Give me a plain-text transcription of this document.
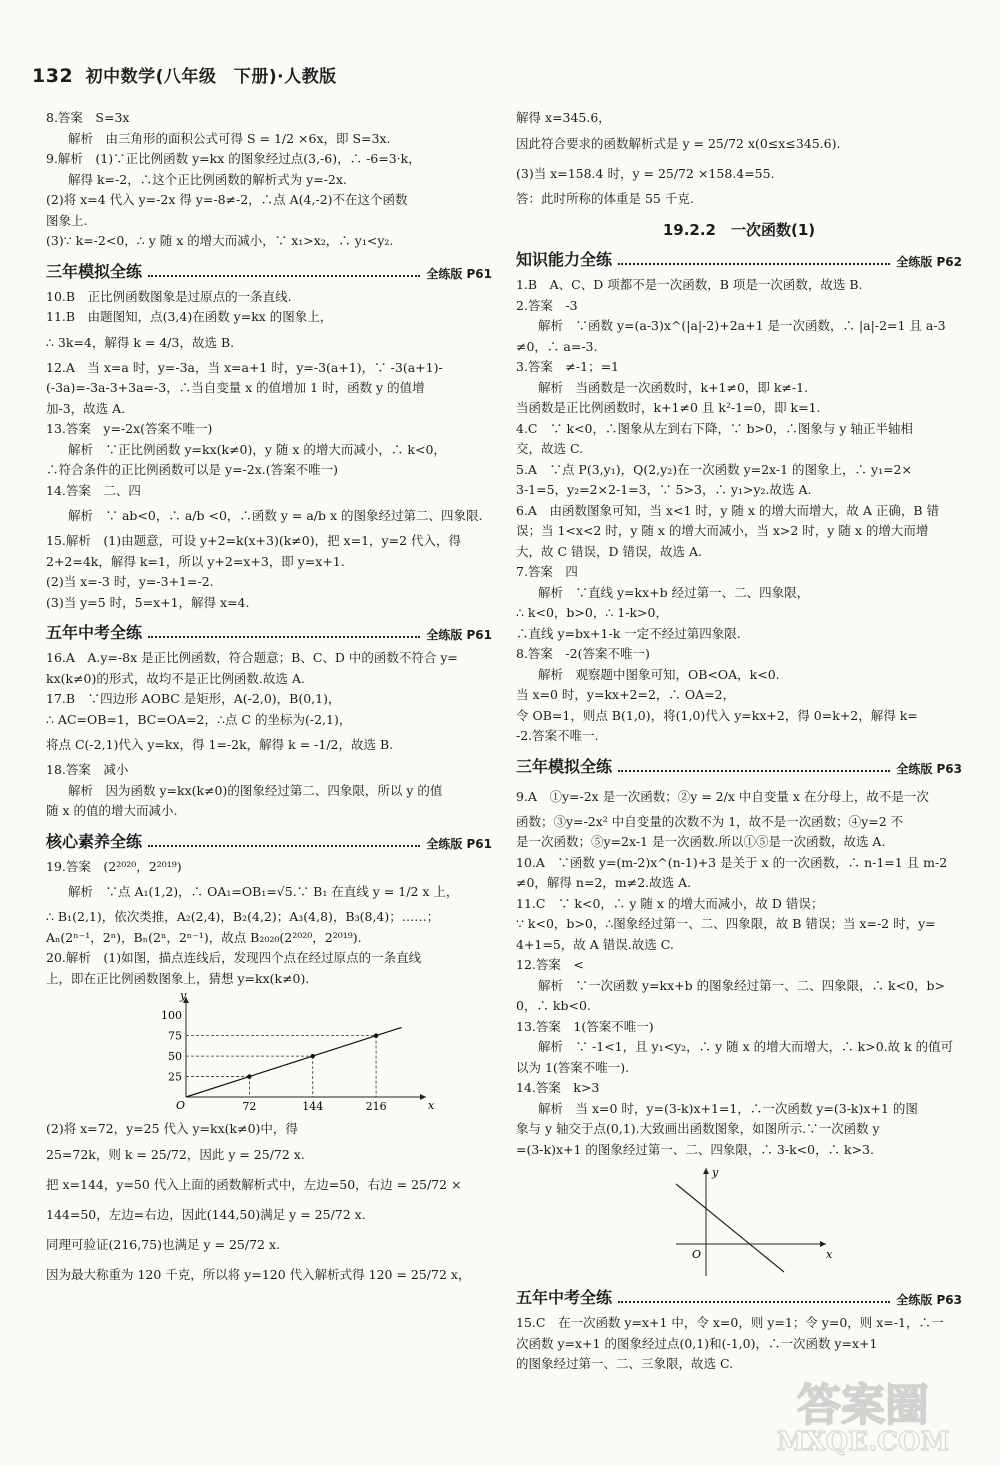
132 初中数学(八年级　下册)·人教版
8.答案　S=3x
解析　由三角形的面积公式可得 S = 1/2 ×6x，即 S=3x.
9.解析　(1)∵正比例函数 y=kx 的图象经过点(3,-6)，∴ -6=3·k，
解得 k=-2，∴这个正比例函数的解析式为 y=-2x.
(2)将 x=4 代入 y=-2x 得 y=-8≠-2，∴点 A(4,-2)不在这个函数
图象上.
(3)∵ k=-2<0，∴ y 随 x 的增大而减小，∵ x₁>x₂，∴ y₁<y₂.
三年模拟全练	全练版 P61
10.B　正比例函数图象是过原点的一条直线.
11.B　由题图知，点(3,4)在函数 y=kx 的图象上，
∴ 3k=4，解得 k = 4/3，故选 B.
12.A　当 x=a 时，y=-3a，当 x=a+1 时，y=-3(a+1)，∵ -3(a+1)-
(-3a)=-3a-3+3a=-3，∴当自变量 x 的值增加 1 时，函数 y 的值增
加-3，故选 A.
13.答案　y=-2x(答案不唯一)
解析　∵正比例函数 y=kx(k≠0)，y 随 x 的增大而减小，∴ k<0，
∴符合条件的正比例函数可以是 y=-2x.(答案不唯一)
14.答案　二、四
解析　∵ ab<0，∴ a/b <0，∴函数 y = a/b x 的图象经过第二、四象限.
15.解析　(1)由题意，可设 y+2=k(x+3)(k≠0)，把 x=1，y=2 代入，得
2+2=4k，解得 k=1，所以 y+2=x+3，即 y=x+1.
(2)当 x=-3 时，y=-3+1=-2.
(3)当 y=5 时，5=x+1，解得 x=4.
五年中考全练	全练版 P61
16.A　A.y=-8x 是正比例函数，符合题意；B、C、D 中的函数不符合 y=
kx(k≠0)的形式，故均不是正比例函数.故选 A.
17.B　∵四边形 AOBC 是矩形，A(-2,0)，B(0,1)，
∴ AC=OB=1，BC=OA=2，∴点 C 的坐标为(-2,1)，
将点 C(-2,1)代入 y=kx，得 1=-2k，解得 k = -1/2，故选 B.
18.答案　减小
解析　因为函数 y=kx(k≠0)的图象经过第二、四象限，所以 y 的值
随 x 的值的增大而减小.
核心素养全练	全练版 P61
19.答案　(2²⁰²⁰，2²⁰¹⁹)
解析　∵点 A₁(1,2)，∴ OA₁=OB₁=√5.∵ B₁ 在直线 y = 1/2 x 上，
∴ B₁(2,1)，依次类推，A₂(2,4)，B₂(4,2)；A₃(4,8)，B₃(8,4)；……；
Aₙ(2ⁿ⁻¹，2ⁿ)，Bₙ(2ⁿ，2ⁿ⁻¹)，故点 B₂₀₂₀(2²⁰²⁰，2²⁰¹⁹).
20.解析　(1)如图，描点连线后，发现四个点在经过原点的一条直线
上，即在正比例函数图象上，猜想 y=kx(k≠0).
y
x
O	72	144	216
25
50
75
100
(2)将 x=72，y=25 代入 y=kx(k≠0)中，得
25=72k，则 k = 25/72，因此 y = 25/72 x.
把 x=144，y=50 代入上面的函数解析式中，左边=50，右边 = 25/72 ×
144=50，左边=右边，因此(144,50)满足 y = 25/72 x.
同理可验证(216,75)也满足 y = 25/72 x.
因为最大称重为 120 千克，所以将 y=120 代入解析式得 120 = 25/72 x，
解得 x=345.6，
因此符合要求的函数解析式是 y = 25/72 x(0≤x≤345.6).
(3)当 x=158.4 时，y = 25/72 ×158.4=55.
答：此时所称的体重是 55 千克.
19.2.2　一次函数(1)
知识能力全练	全练版 P62
1.B　A、C、D 项都不是一次函数，B 项是一次函数，故选 B.
2.答案　-3
解析　∵函数 y=(a-3)x^(|a|-2)+2a+1 是一次函数，∴ |a|-2=1 且 a-3
≠0，∴ a=-3.
3.答案　≠-1；=1
解析　当函数是一次函数时，k+1≠0，即 k≠-1.
当函数是正比例函数时，k+1≠0 且 k²-1=0，即 k=1.
4.C　∵ k<0，∴图象从左到右下降，∵ b>0，∴图象与 y 轴正半轴相
交，故选 C.
5.A　∵点 P(3,y₁)，Q(2,y₂)在一次函数 y=2x-1 的图象上，∴ y₁=2×
3-1=5，y₂=2×2-1=3，∵ 5>3，∴ y₁>y₂.故选 A.
6.A　由函数图象可知，当 x<1 时，y 随 x 的增大而增大，故 A 正确，B 错
误；当 1<x<2 时，y 随 x 的增大而减小，当 x>2 时，y 随 x 的增大而增
大，故 C 错误，D 错误，故选 A.
7.答案　四
解析　∵直线 y=kx+b 经过第一、二、四象限，
∴ k<0，b>0，∴ 1-k>0，
∴直线 y=bx+1-k 一定不经过第四象限.
8.答案　-2(答案不唯一)
解析　观察题中图象可知，OB<OA，k<0.
当 x=0 时，y=kx+2=2，∴ OA=2，
令 OB=1，则点 B(1,0)，将(1,0)代入 y=kx+2，得 0=k+2，解得 k=
-2.答案不唯一.
三年模拟全练	全练版 P63
9.A　①y=-2x 是一次函数；②y = 2/x 中自变量 x 在分母上，故不是一次
函数；③y=-2x² 中自变量的次数不为 1，故不是一次函数；④y=2 不
是一次函数；⑤y=2x-1 是一次函数.所以①⑤是一次函数，故选 A.
10.A　∵函数 y=(m-2)x^(n-1)+3 是关于 x 的一次函数，∴ n-1=1 且 m-2
≠0，解得 n=2，m≠2.故选 A.
11.C　∵ k<0，∴ y 随 x 的增大而减小，故 D 错误；
∵ k<0，b>0，∴图象经过第一、二、四象限，故 B 错误；当 x=-2 时，y=
4+1=5，故 A 错误.故选 C.
12.答案　<
解析　∵一次函数 y=kx+b 的图象经过第一、二、四象限，∴ k<0，b>
0，∴ kb<0.
13.答案　1(答案不唯一)
解析　∵ -1<1，且 y₁<y₂，∴ y 随 x 的增大而增大，∴ k>0.故 k 的值可
以为 1(答案不唯一).
14.答案　k>3
解析　当 x=0 时，y=(3-k)x+1=1，∴一次函数 y=(3-k)x+1 的图
象与 y 轴交于点(0,1).大致画出函数图象，如图所示.∵一次函数 y
=(3-k)x+1 的图象经过第一、二、四象限，∴ 3-k<0，∴ k>3.
y
x
O
五年中考全练	全练版 P63
15.C　在一次函数 y=x+1 中，令 x=0，则 y=1；令 y=0，则 x=-1，∴一
次函数 y=x+1 的图象经过点(0,1)和(-1,0)，∴一次函数 y=x+1
的图象经过第一、二、三象限，故选 C.
答案圈
MXQE.COM
